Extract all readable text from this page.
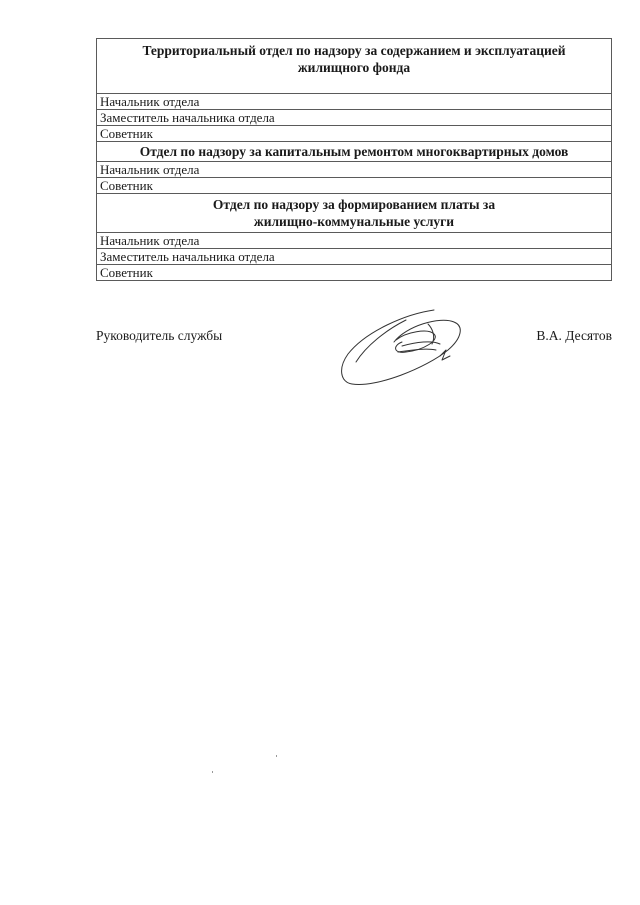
Территориальный отдел по надзору за содержанием и эксплуатацией
жилищного фонда

Начальник отдела
Заместитель начальника отдела
Советник

Отдел по надзору за капитальным ремонтом многоквартирных домов

Начальник отдела
Советник

Отдел по надзору за формированием платы за
жилищно-коммунальные услуги

Начальник отдела
Заместитель начальника отдела
Советник
Руководитель службы	В.А. Десятов
